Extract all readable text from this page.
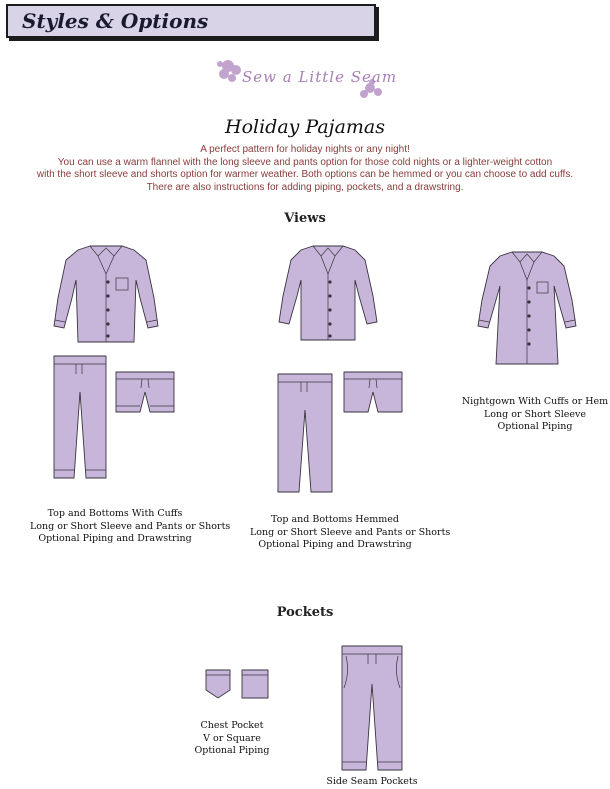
Styles & Options
Sew a Little Seam
Holiday Pajamas
A perfect pattern for holiday nights or any night!
You can use a warm flannel with the long sleeve and pants option for those cold nights or a lighter-weight cotton
with the short sleeve and shorts option for warmer weather. Both options can be hemmed or you can choose to add cuffs.
There are also instructions for adding piping, pockets, and a drawstring.
Views
Top and Bottoms With Cuffs
Long or Short Sleeve and Pants or Shorts
Optional Piping and Drawstring
Top and Bottoms Hemmed
Long or Short Sleeve and Pants or Shorts
Optional Piping and Drawstring
Nightgown With Cuffs or Hem
Long or Short Sleeve
Optional Piping
Pockets
Chest Pocket
V or Square
Optional Piping
Side Seam Pockets
